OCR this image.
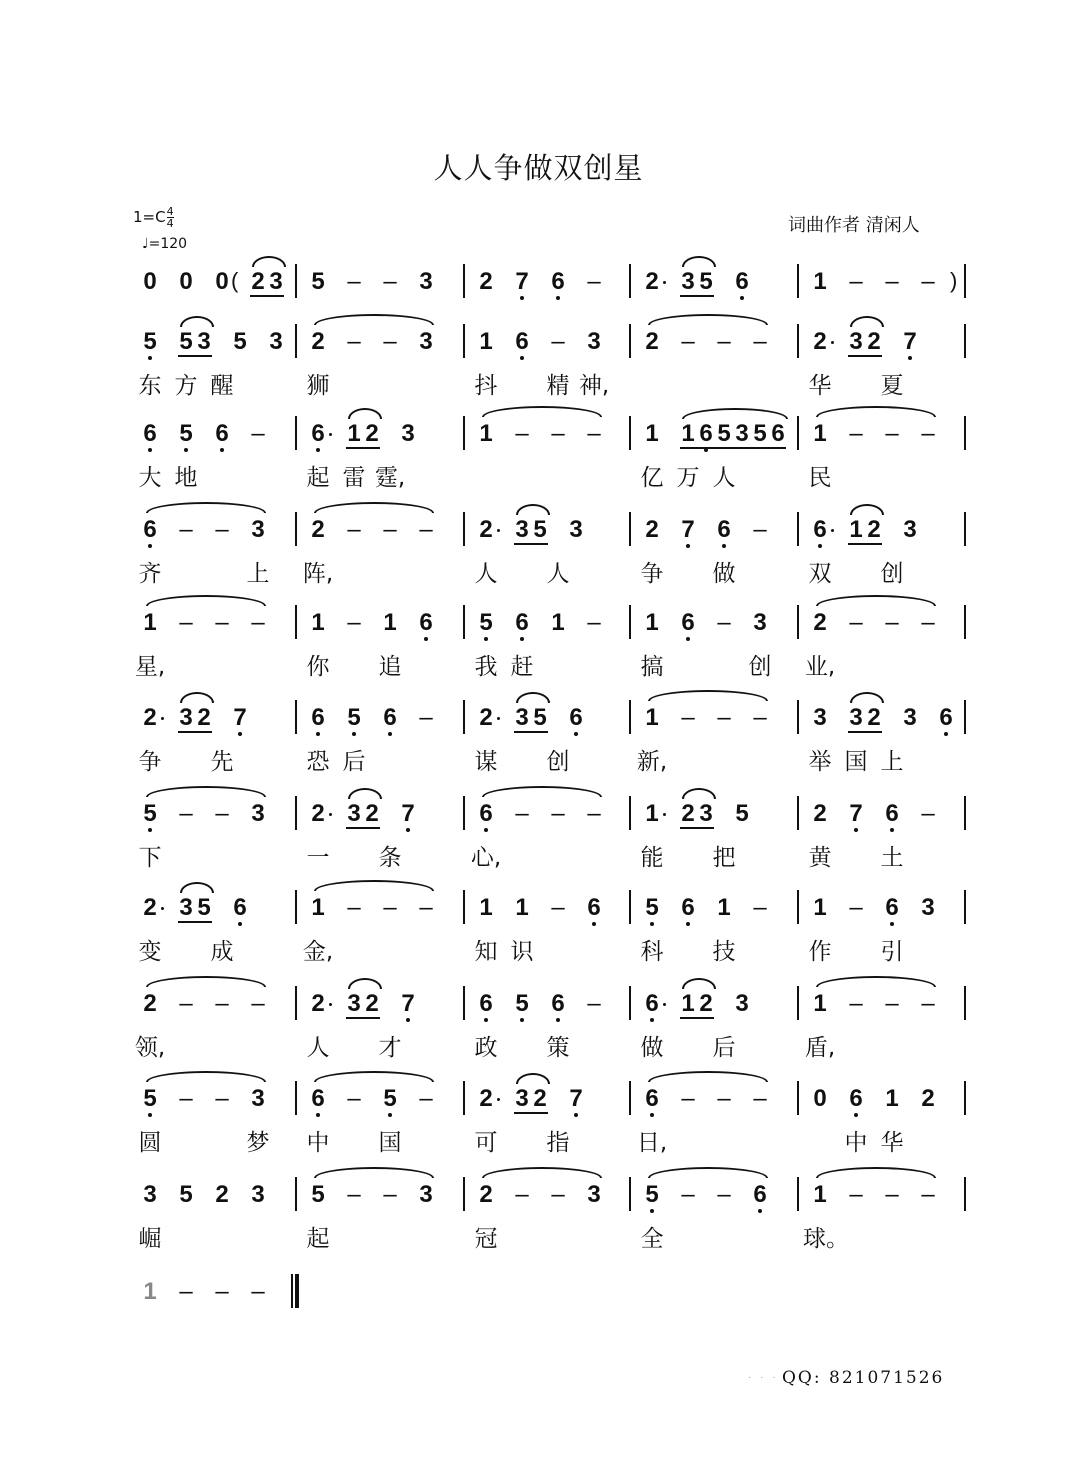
人人争做双创星
$1=C \frac{4}{4}$
♩=120
词曲作者 清闲人
· · · QQ: 821071526
0 0 0 2 3
(	5 – – 3	2 7 6 –	2 3 5 6	1 – – – )
5 5 3 5 3	2 – – 3	1 6 – 3	2 – – –	2 3 2 7
东 方 醒	狮	抖 精 神,	华 夏
6 5 6 –	6 1 2 3	1 – – –	1 1 6 5 3 5 6	1 – – –
大 地	起 雷 霆,	亿 万 人	民
6 – – 3	2 – – –	2 3 5 3	2 7 6 –	6 1 2 3
齐	上 阵,	人 人	争 做	双 创
1 – – –	1 – 1 6	5 6 1 –	1 6 – 3	2 – – –
星,	你 追	我 赶	搞	创 业,
2 3 2 7	6 5 6 –	2 3 5 6	1 – – –	3 3 2 3 6
争 先	恐 后	谋 创	新,	举 国 上
5 – – 3	2 3 2 7	6 – – –	1 2 3 5	2 7 6 –
下	一 条	心,	能 把	黄 土
2 3 5 6	1 – – –	1 1 – 6	5 6 1 –	1 – 6 3
变 成	金,	知 识	科 技	作 引
2 – – –	2 3 2 7	6 5 6 –	6 1 2 3	1 – – –
领,	人 才	政 策	做 后	盾,
5 – – 3	6 – 5 –	2 3 2 7	6 – – –	0 6 1 2
圆	梦 中 国	可 指	日,	中 华
3 5 2 3	5 – – 3	2 – – 3	5 – – 6	1 – – –
崛	起	冠	全	球。
1 – – –
